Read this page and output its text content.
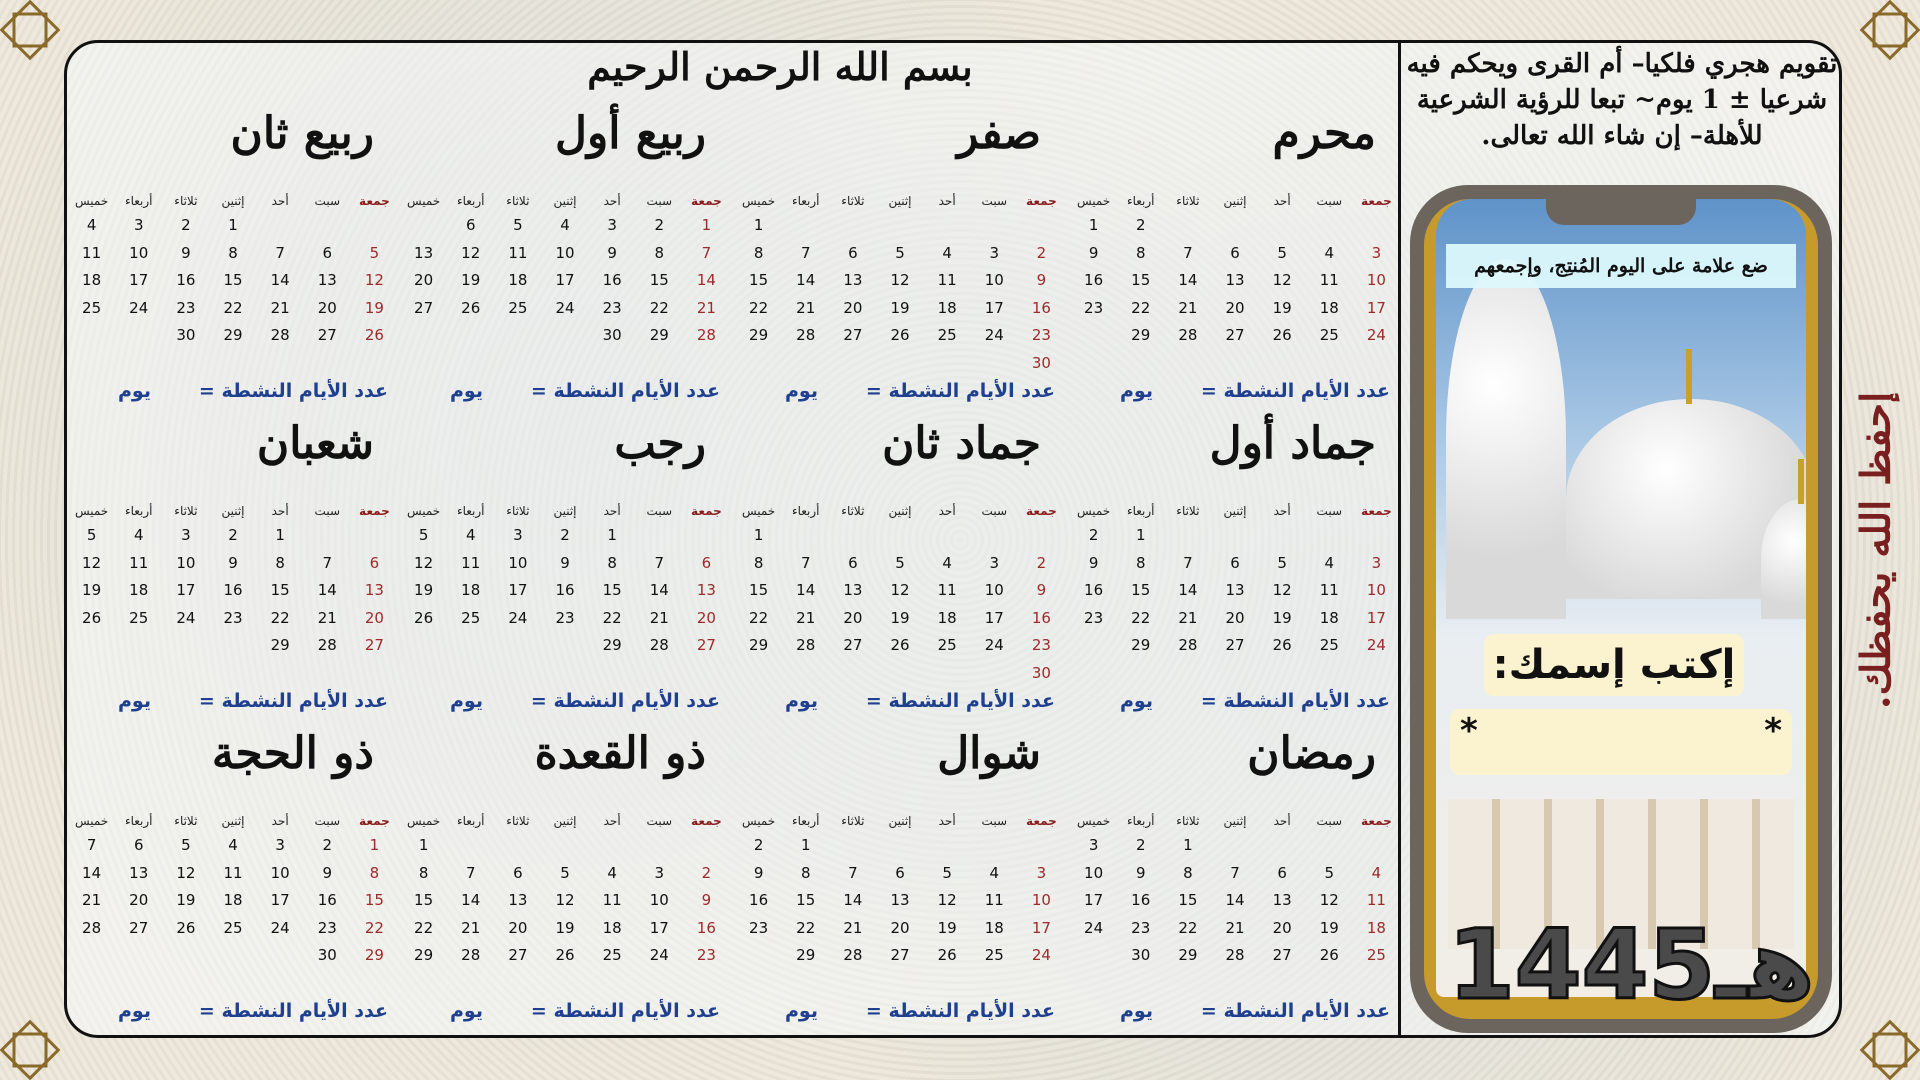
بسم الله الرحمن الرحيم
محرم
جمعة
سبت
أحد
إثنين
ثلاثاء
أربعاء
خميس
2
1
3
4
5
6
7
8
9
10
11
12
13
14
15
16
17
18
19
20
21
22
23
24
25
26
27
28
29
عدد الأيام النشطة =
يوم
صفر
جمعة
سبت
أحد
إثنين
ثلاثاء
أربعاء
خميس
1
2
3
4
5
6
7
8
9
10
11
12
13
14
15
16
17
18
19
20
21
22
23
24
25
26
27
28
29
30
عدد الأيام النشطة =
يوم
ربيع أول
جمعة
سبت
أحد
إثنين
ثلاثاء
أربعاء
خميس
1
2
3
4
5
6
7
8
9
10
11
12
13
14
15
16
17
18
19
20
21
22
23
24
25
26
27
28
29
30
عدد الأيام النشطة =
يوم
ربيع ثان
جمعة
سبت
أحد
إثنين
ثلاثاء
أربعاء
خميس
1
2
3
4
5
6
7
8
9
10
11
12
13
14
15
16
17
18
19
20
21
22
23
24
25
26
27
28
29
30
عدد الأيام النشطة =
يوم
جماد أول
جمعة
سبت
أحد
إثنين
ثلاثاء
أربعاء
خميس
1
2
3
4
5
6
7
8
9
10
11
12
13
14
15
16
17
18
19
20
21
22
23
24
25
26
27
28
29
عدد الأيام النشطة =
يوم
جماد ثان
جمعة
سبت
أحد
إثنين
ثلاثاء
أربعاء
خميس
1
2
3
4
5
6
7
8
9
10
11
12
13
14
15
16
17
18
19
20
21
22
23
24
25
26
27
28
29
30
عدد الأيام النشطة =
يوم
رجب
جمعة
سبت
أحد
إثنين
ثلاثاء
أربعاء
خميس
1
2
3
4
5
6
7
8
9
10
11
12
13
14
15
16
17
18
19
20
21
22
23
24
25
26
27
28
29
عدد الأيام النشطة =
يوم
شعبان
جمعة
سبت
أحد
إثنين
ثلاثاء
أربعاء
خميس
1
2
3
4
5
6
7
8
9
10
11
12
13
14
15
16
17
18
19
20
21
22
23
24
25
26
27
28
29
عدد الأيام النشطة =
يوم
رمضان
جمعة
سبت
أحد
إثنين
ثلاثاء
أربعاء
خميس
1
2
3
4
5
6
7
8
9
10
11
12
13
14
15
16
17
18
19
20
21
22
23
24
25
26
27
28
29
30
عدد الأيام النشطة =
يوم
شوال
جمعة
سبت
أحد
إثنين
ثلاثاء
أربعاء
خميس
1
2
3
4
5
6
7
8
9
10
11
12
13
14
15
16
17
18
19
20
21
22
23
24
25
26
27
28
29
عدد الأيام النشطة =
يوم
ذو القعدة
جمعة
سبت
أحد
إثنين
ثلاثاء
أربعاء
خميس
1
2
3
4
5
6
7
8
9
10
11
12
13
14
15
16
17
18
19
20
21
22
23
24
25
26
27
28
29
عدد الأيام النشطة =
يوم
ذو الحجة
جمعة
سبت
أحد
إثنين
ثلاثاء
أربعاء
خميس
1
2
3
4
5
6
7
8
9
10
11
12
13
14
15
16
17
18
19
20
21
22
23
24
25
26
27
28
29
30
عدد الأيام النشطة =
يوم
تقويم هجري فلكيا– أم القرى ويحكم فيه شرعيا ± 1 يوم~ تبعا للرؤية الشرعية للأهلة– إن شاء الله تعالى.
ضع علامة على اليوم المُنتِج، وإجمعهم
إكتب إسمك:
*	*
1445هـ
إحفظ الله يحفظك.
